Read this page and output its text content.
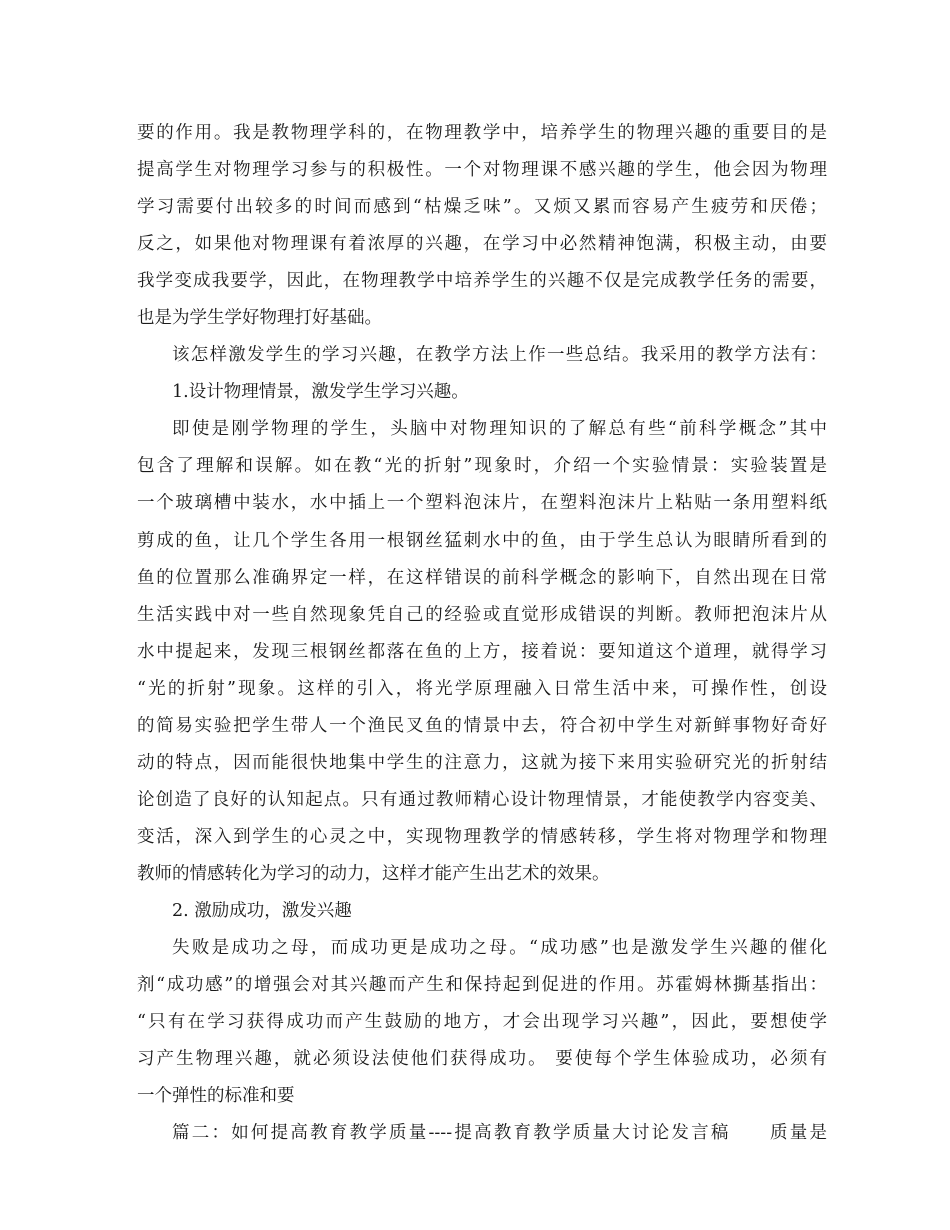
要的作用。我是教物理学科的，在物理教学中，培养学生的物理兴趣的重要目的是
提高学生对物理学习参与的积极性。一个对物理课不感兴趣的学生，他会因为物理
学习需要付出较多的时间而感到“枯燥乏味”。又烦又累而容易产生疲劳和厌倦；
反之，如果他对物理课有着浓厚的兴趣，在学习中必然精神饱满，积极主动，由要
我学变成我要学，因此，在物理教学中培养学生的兴趣不仅是完成教学任务的需要，
也是为学生学好物理打好基础。
该怎样激发学生的学习兴趣，在教学方法上作一些总结。我采用的教学方法有：
1.设计物理情景，激发学生学习兴趣。
即使是刚学物理的学生，头脑中对物理知识的了解总有些“前科学概念”其中
包含了理解和误解。如在教“光的折射”现象时，介绍一个实验情景：实验装置是
一个玻璃槽中装水，水中插上一个塑料泡沫片，在塑料泡沫片上粘贴一条用塑料纸
剪成的鱼，让几个学生各用一根钢丝猛刺水中的鱼，由于学生总认为眼睛所看到的
鱼的位置那么准确界定一样，在这样错误的前科学概念的影响下，自然出现在日常
生活实践中对一些自然现象凭自己的经验或直觉形成错误的判断。教师把泡沫片从
水中提起来，发现三根钢丝都落在鱼的上方，接着说：要知道这个道理，就得学习
“光的折射”现象。这样的引入，将光学原理融入日常生活中来，可操作性，创设
的简易实验把学生带人一个渔民叉鱼的情景中去，符合初中学生对新鲜事物好奇好
动的特点，因而能很快地集中学生的注意力，这就为接下来用实验研究光的折射结
论创造了良好的认知起点。只有通过教师精心设计物理情景，才能使教学内容变美、
变活，深入到学生的心灵之中，实现物理教学的情感转移，学生将对物理学和物理
教师的情感转化为学习的动力，这样才能产生出艺术的效果。
2. 激励成功，激发兴趣
失败是成功之母，而成功更是成功之母。“成功感”也是激发学生兴趣的催化
剂“成功感”的增强会对其兴趣而产生和保持起到促进的作用。苏霍姆林撕基指出：
“只有在学习获得成功而产生鼓励的地方，才会出现学习兴趣”，因此，要想使学
习产生物理兴趣，就必须设法使他们获得成功。 要使每个学生体验成功，必须有
一个弹性的标准和要
篇二：如何提高教育教学质量----提高教育教学质量大讨论发言稿　　质量是
